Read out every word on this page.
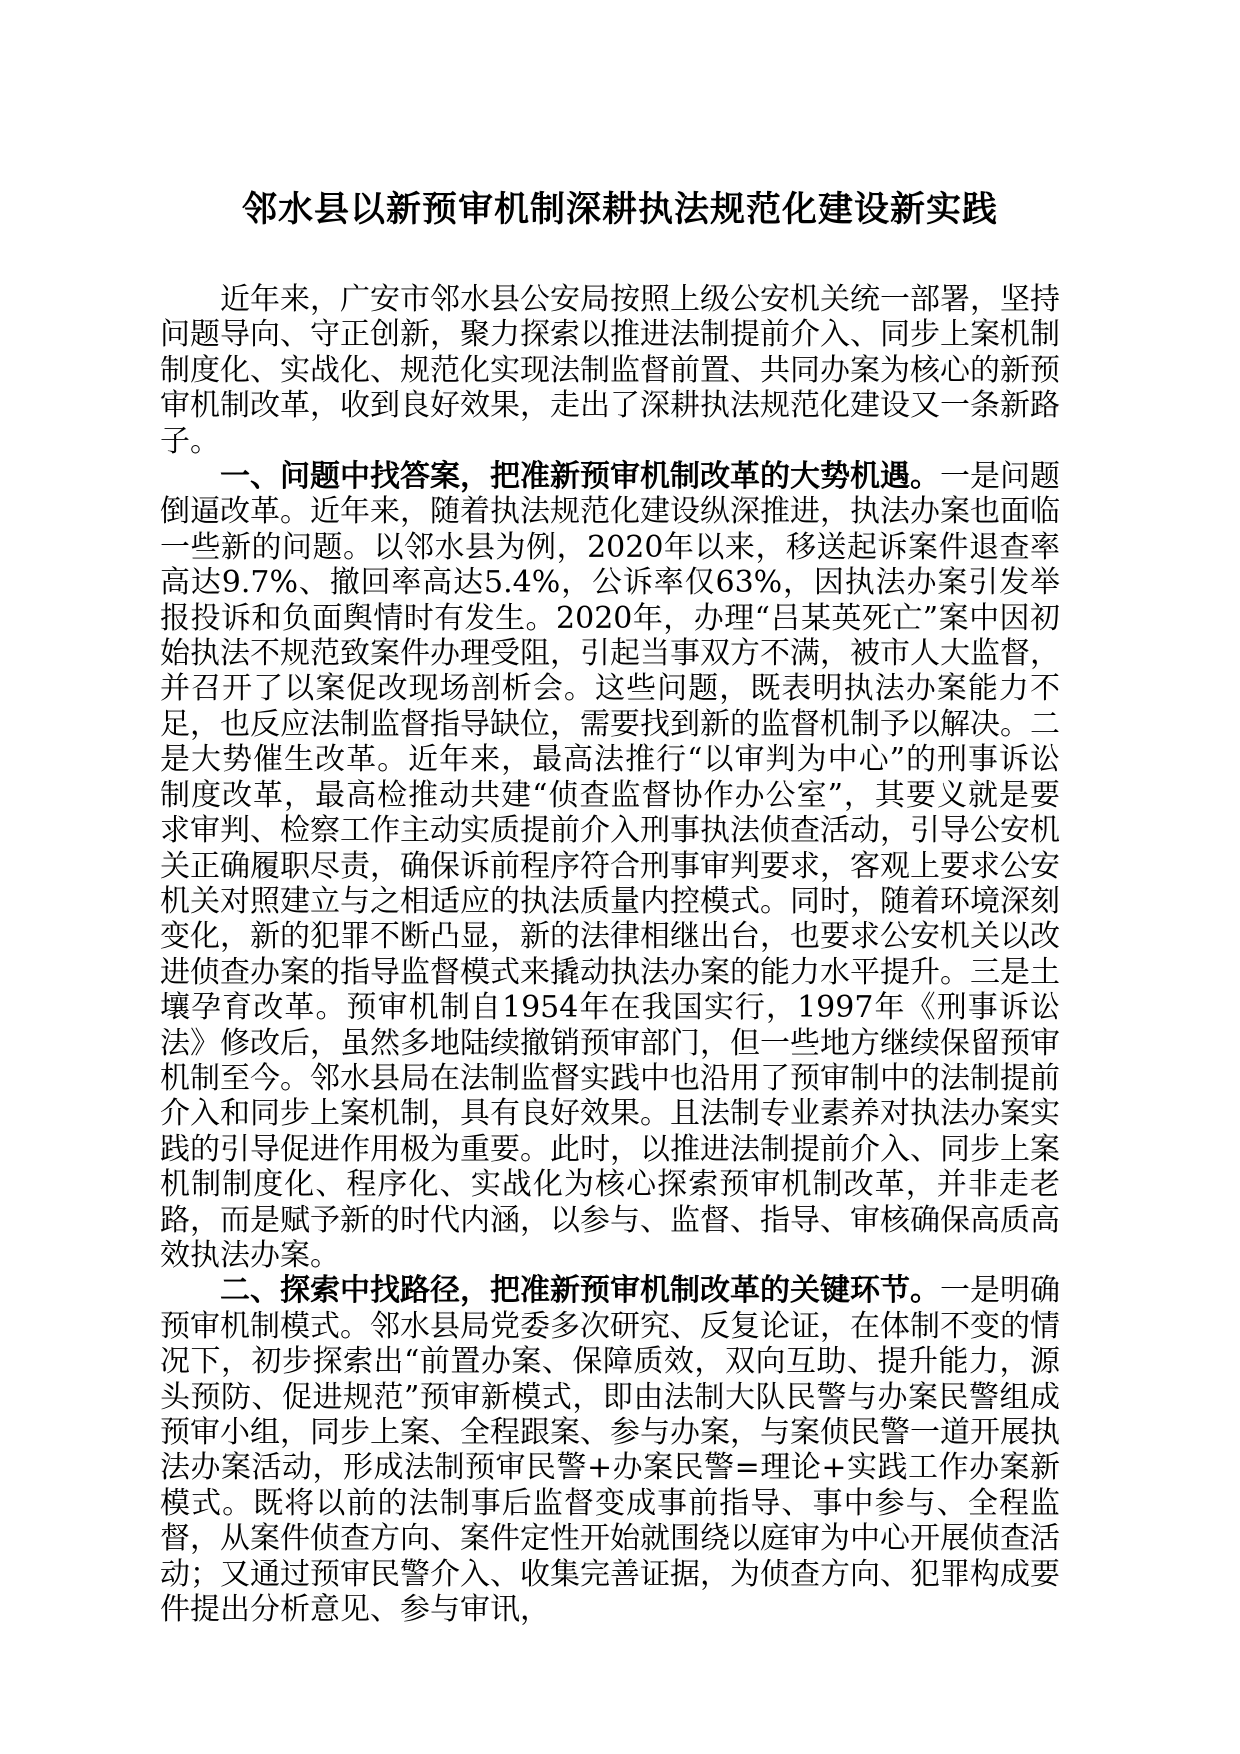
邻水县以新预审机制深耕执法规范化建设新实践

近年来，广安市邻水县公安局按照上级公安机关统一部署，坚持问题导向、守正创新，聚力探索以推进法制提前介入、同步上案机制制度化、实战化、规范化实现法制监督前置、共同办案为核心的新预审机制改革，收到良好效果，走出了深耕执法规范化建设又一条新路子。

一、问题中找答案，把准新预审机制改革的大势机遇。一是问题倒逼改革。近年来，随着执法规范化建设纵深推进，执法办案也面临一些新的问题。以邻水县为例，2020年以来，移送起诉案件退查率高达9.7%、撤回率高达5.4%，公诉率仅63%，因执法办案引发举报投诉和负面舆情时有发生。2020年，办理“吕某英死亡”案中因初始执法不规范致案件办理受阻，引起当事双方不满，被市人大监督，并召开了以案促改现场剖析会。这些问题，既表明执法办案能力不足，也反应法制监督指导缺位，需要找到新的监督机制予以解决。二是大势催生改革。近年来，最高法推行“以审判为中心”的刑事诉讼制度改革，最高检推动共建“侦查监督协作办公室”，其要义就是要求审判、检察工作主动实质提前介入刑事执法侦查活动，引导公安机关正确履职尽责，确保诉前程序符合刑事审判要求，客观上要求公安机关对照建立与之相适应的执法质量内控模式。同时，随着环境深刻变化，新的犯罪不断凸显，新的法律相继出台，也要求公安机关以改进侦查办案的指导监督模式来撬动执法办案的能力水平提升。三是土壤孕育改革。预审机制自1954年在我国实行，1997年《刑事诉讼法》修改后，虽然多地陆续撤销预审部门，但一些地方继续保留预审机制至今。邻水县局在法制监督实践中也沿用了预审制中的法制提前介入和同步上案机制，具有良好效果。且法制专业素养对执法办案实践的引导促进作用极为重要。此时，以推进法制提前介入、同步上案机制制度化、程序化、实战化为核心探索预审机制改革，并非走老路，而是赋予新的时代内涵，以参与、监督、指导、审核确保高质高效执法办案。

二、探索中找路径，把准新预审机制改革的关键环节。一是明确预审机制模式。邻水县局党委多次研究、反复论证，在体制不变的情况下，初步探索出“前置办案、保障质效，双向互助、提升能力，源头预防、促进规范”预审新模式，即由法制大队民警与办案民警组成预审小组，同步上案、全程跟案、参与办案，与案侦民警一道开展执法办案活动，形成法制预审民警+办案民警=理论+实践工作办案新模式。既将以前的法制事后监督变成事前指导、事中参与、全程监督，从案件侦查方向、案件定性开始就围绕以庭审为中心开展侦查活动；又通过预审民警介入、收集完善证据，为侦查方向、犯罪构成要件提出分析意见、参与审讯，
